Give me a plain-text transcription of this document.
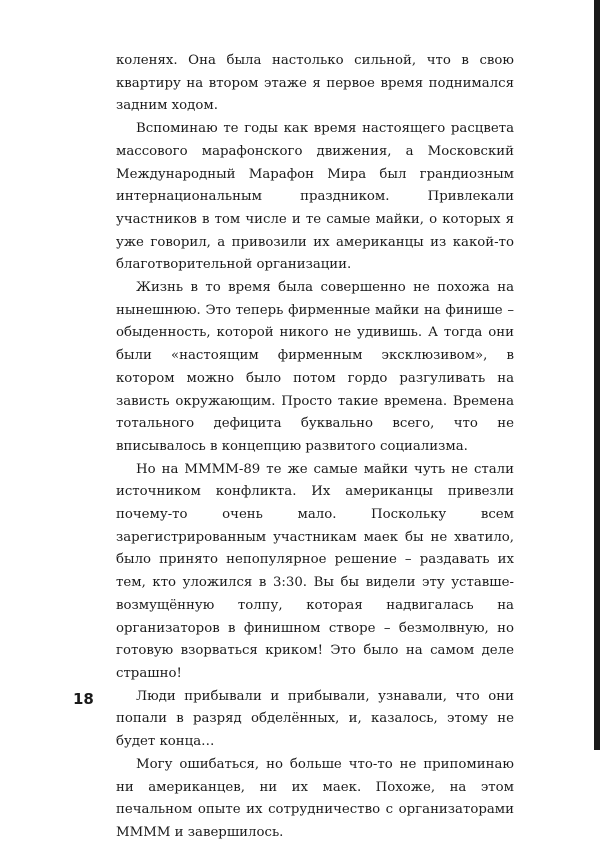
коленях. Она была настолько сильной, что в свою квартиру на втором этаже я первое время поднимался задним ходом.

Вспоминаю те годы как время настоящего расцвета массового марафонского движения, а Московский Международный Марафон Мира был грандиозным интернациональным праздником. Привлекали участников в том числе и те самые майки, о которых я уже говорил, а привозили их американцы из какой-то благотворительной организации.

Жизнь в то время была совершенно не похожа на нынешнюю. Это теперь фирменные майки на финише – обыденность, которой никого не удивишь. А тогда они были «настоящим фирменным эксклюзивом», в котором можно было потом гордо разгуливать на зависть окружающим. Просто такие времена. Времена тотального дефицита буквально всего, что не вписывалось в концепцию развитого социализма.

Но на ММММ-89 те же самые майки чуть не стали источником конфликта. Их американцы привезли почему-то очень мало. Поскольку всем зарегистрированным участникам маек бы не хватило, было принято непопулярное решение – раздавать их тем, кто уложился в 3:30. Вы бы видели эту уставше-возмущённую толпу, которая надвигалась на организаторов в финишном створе – безмолвную, но готовую взорваться криком! Это было на самом деле страшно!

Люди прибывали и прибывали, узнавали, что они попали в разряд обделённых, и, казалось, этому не будет конца…

Могу ошибаться, но больше что-то не припоминаю ни американцев, ни их маек. Похоже, на этом печальном опыте их сотрудничество с организаторами ММММ и завершилось.

18
